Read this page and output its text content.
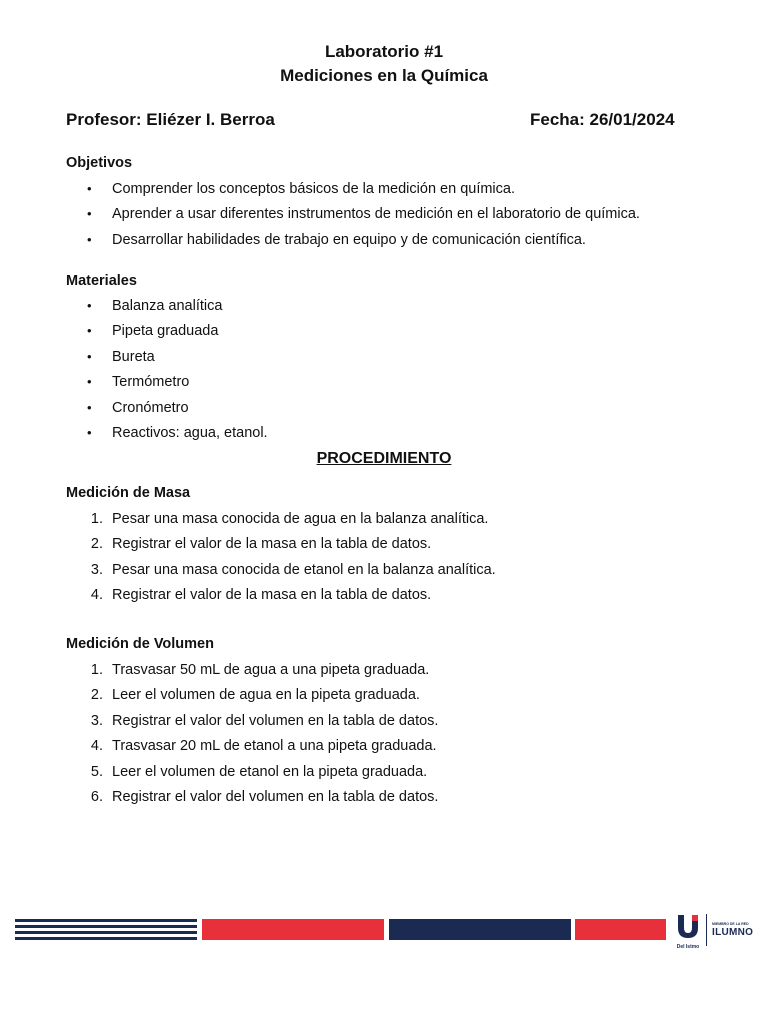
Laboratorio #1
Mediciones en la Química
Profesor: Eliézer I. Berroa	Fecha: 26/01/2024
Objetivos
• Comprender los conceptos básicos de la medición en química.
• Aprender a usar diferentes instrumentos de medición en el laboratorio de química.
• Desarrollar habilidades de trabajo en equipo y de comunicación científica.
Materiales
• Balanza analítica
• Pipeta graduada
• Bureta
• Termómetro
• Cronómetro
• Reactivos: agua, etanol.
PROCEDIMIENTO
Medición de Masa
1. Pesar una masa conocida de agua en la balanza analítica.
2. Registrar el valor de la masa en la tabla de datos.
3. Pesar una masa conocida de etanol en la balanza analítica.
4. Registrar el valor de la masa en la tabla de datos.
Medición de Volumen
1. Trasvasar 50 mL de agua a una pipeta graduada.
2. Leer el volumen de agua en la pipeta graduada.
3. Registrar el valor del volumen en la tabla de datos.
4. Trasvasar 20 mL de etanol a una pipeta graduada.
5. Leer el volumen de etanol en la pipeta graduada.
6. Registrar el valor del volumen en la tabla de datos.
Del Istmo
MIEMBRO DE LA RED
ILUMNO
